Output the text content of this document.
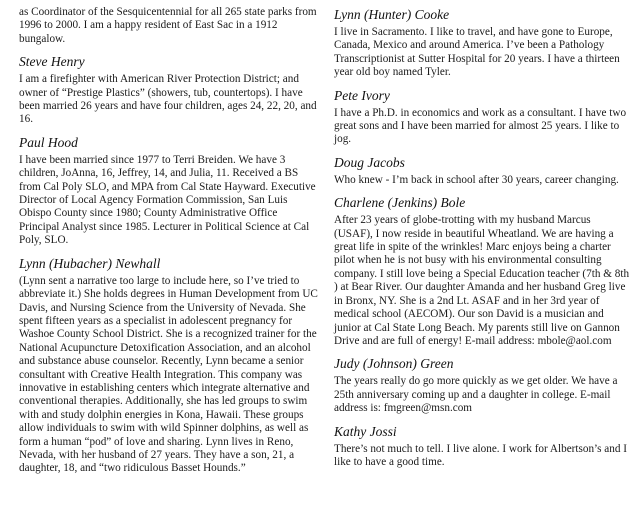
as Coordinator of the Sesquicentennial for all 265 state parks from 1996 to 2000. I am a happy resident of East Sac in a 1912 bungalow.

Steve Henry

I am a firefighter with American River Protection District; and owner of “Prestige Plastics” (showers, tub, countertops). I have been married 26 years and have four children, ages 24, 22, 20, and 16.

Paul Hood

I have been married since 1977 to Terri Breiden. We have 3 children, JoAnna, 16, Jeffrey, 14, and Julia, 11. Received a BS from Cal Poly SLO, and MPA from Cal State Hayward. Executive Director of Local Agency Formation Commission, San Luis Obispo County since 1980; County Administrative Office Principal Analyst since 1985. Lecturer in Political Science at Cal Poly, SLO.

Lynn (Hubacher) Newhall

(Lynn sent a narrative too large to include here, so I’ve tried to abbreviate it.) She holds degrees in Human Development from UC Davis, and Nursing Science from the University of Nevada. She spent fifteen years as a specialist in adolescent pregnancy for Washoe County School District. She is a recognized trainer for the National Acupuncture Detoxification Association, and an alcohol and substance abuse counselor. Recently, Lynn became a senior consultant with Creative Health Integration. This company was innovative in establishing centers which integrate alternative and conventional therapies. Additionally, she has led groups to swim with and study dolphin energies in Kona, Hawaii. These groups allow individuals to swim with wild Spinner dolphins, as well as form a human “pod” of love and sharing. Lynn lives in Reno, Nevada, with her husband of 27 years. They have a son, 21, a daughter, 18, and “two ridiculous Basset Hounds.”

Lynn (Hunter) Cooke

I live in Sacramento. I like to travel, and have gone to Europe, Canada, Mexico and around America. I’ve been a Pathology Transcriptionist at Sutter Hospital for 20 years. I have a thirteen year old boy named Tyler.

Pete Ivory

I have a Ph.D. in economics and work as a consultant. I have two great sons and I have been married for almost 25 years. I like to jog.

Doug Jacobs

Who knew - I’m back in school after 30 years, career changing.

Charlene (Jenkins) Bole

After 23 years of globe-trotting with my husband Marcus (USAF), I now reside in beautiful Wheatland. We are having a great life in spite of the wrinkles! Marc enjoys being a charter pilot when he is not busy with his environmental consulting company. I still love being a Special Education teacher (7th & 8th ) at Bear River. Our daughter Amanda and her husband Greg live in Bronx, NY. She is a 2nd Lt. ASAF and in her 3rd year of medical school (AECOM). Our son David is a musician and junior at Cal State Long Beach. My parents still live on Gannon Drive and are full of energy! E-mail address: mbole@aol.com

Judy (Johnson) Green

The years really do go more quickly as we get older. We have a 25th anniversary coming up and a daughter in college. E-mail address is: fmgreen@msn.com

Kathy Jossi

There’s not much to tell. I live alone. I work for Albertson’s and I like to have a good time.
